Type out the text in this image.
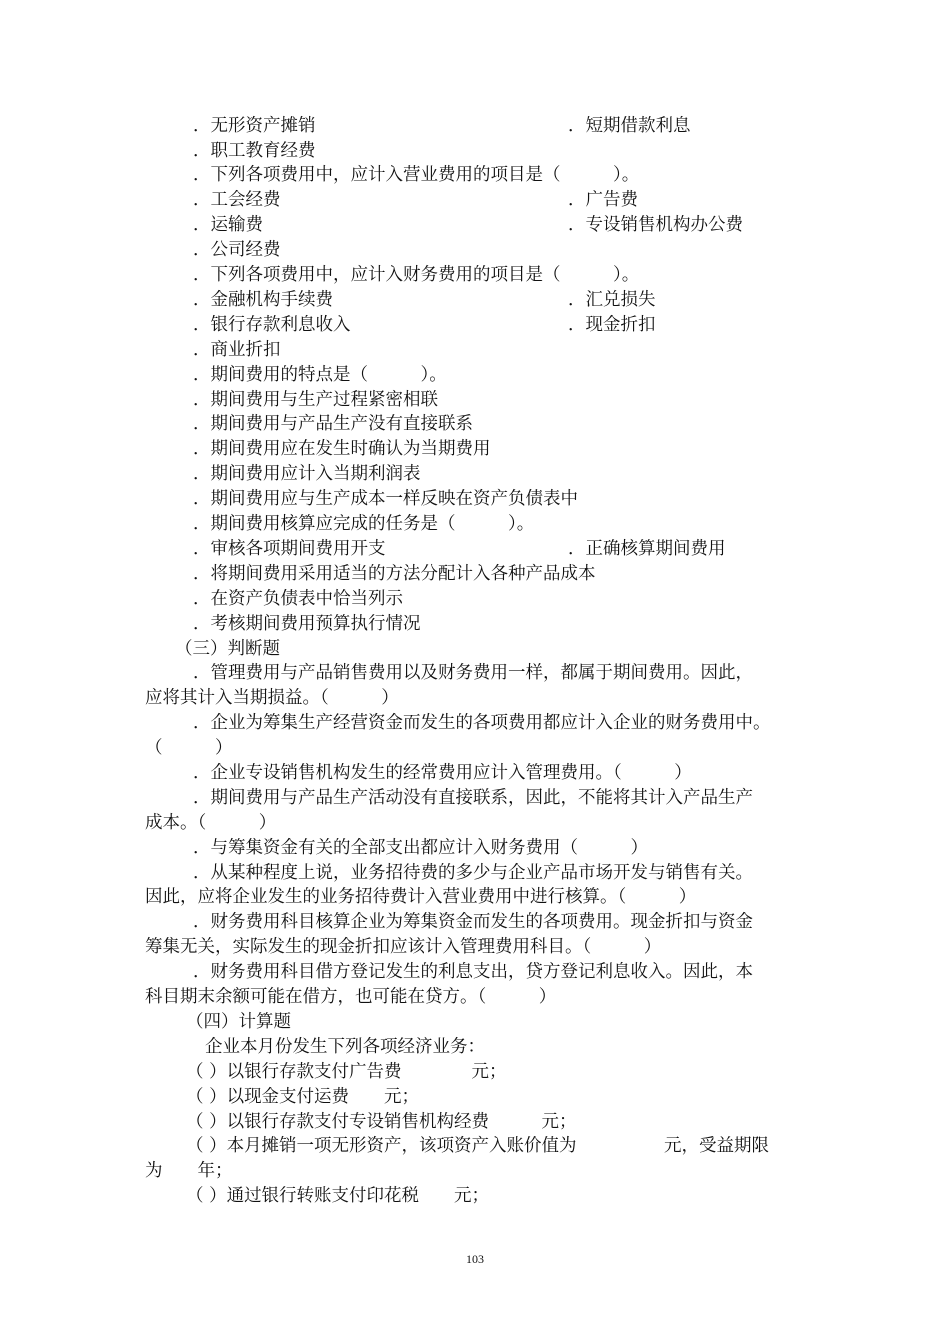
．无形资产摊销	．短期借款利息
．职工教育经费
．下列各项费用中，应计入营业费用的项目是（　　　）。
．工会经费	．广告费
．运输费	．专设销售机构办公费
．公司经费
．下列各项费用中，应计入财务费用的项目是（　　　）。
．金融机构手续费	．汇兑损失
．银行存款利息收入	．现金折扣
．商业折扣
．期间费用的特点是（　　　）。
．期间费用与生产过程紧密相联
．期间费用与产品生产没有直接联系
．期间费用应在发生时确认为当期费用
．期间费用应计入当期利润表
．期间费用应与生产成本一样反映在资产负债表中
．期间费用核算应完成的任务是（　　　）。
．审核各项期间费用开支	．正确核算期间费用
．将期间费用采用适当的方法分配计入各种产品成本
．在资产负债表中恰当列示
．考核期间费用预算执行情况
（三）判断题
．管理费用与产品销售费用以及财务费用一样，都属于期间费用。因此，
应将其计入当期损益。（　　　）
．企业为筹集生产经营资金而发生的各项费用都应计入企业的财务费用中。
（　　　）
．企业专设销售机构发生的经常费用应计入管理费用。（　　　）
．期间费用与产品生产活动没有直接联系，因此，不能将其计入产品生产
成本。（　　　）
．与筹集资金有关的全部支出都应计入财务费用（　　　）
．从某种程度上说，业务招待费的多少与企业产品市场开发与销售有关。
因此，应将企业发生的业务招待费计入营业费用中进行核算。（　　　）
．财务费用科目核算企业为筹集资金而发生的各项费用。现金折扣与资金
筹集无关，实际发生的现金折扣应该计入管理费用科目。（　　　）
．财务费用科目借方登记发生的利息支出，贷方登记利息收入。因此，本
科目期末余额可能在借方，也可能在贷方。（　　　）
（四）计算题
企业本月份发生下列各项经济业务：
（ ）以银行存款支付广告费　　　　元；
（ ）以现金支付运费　　元；
（ ）以银行存款支付专设销售机构经费　　　元；
（ ）本月摊销一项无形资产，该项资产入账价值为　　　　　元，受益期限
为　　年；
（ ）通过银行转账支付印花税　　元；
103
